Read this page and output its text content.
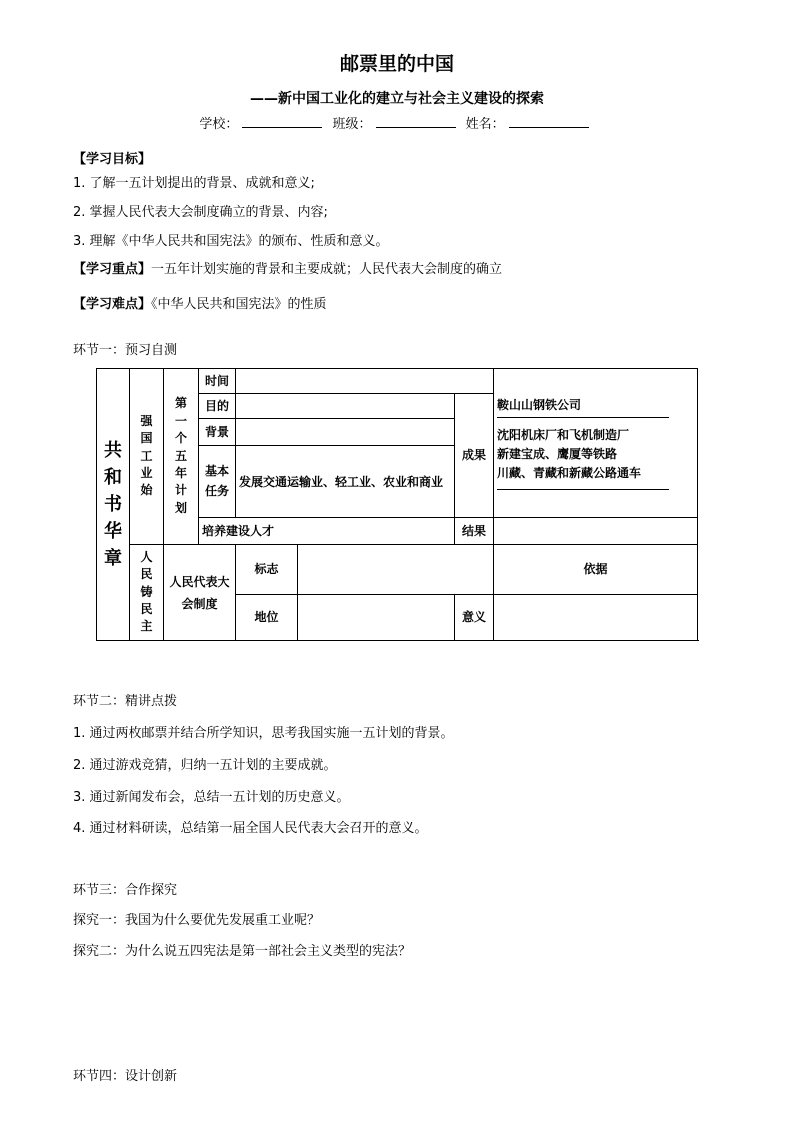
邮票里的中国
——新中国工业化的建立与社会主义建设的探索
学校：	班级：	姓名：
【学习目标】
1. 了解一五计划提出的背景、成就和意义;
2. 掌握人民代表大会制度确立的背景、内容;
3. 理解《中华人民共和国宪法》的颁布、性质和意义。
【学习重点】一五年计划实施的背景和主要成就；人民代表大会制度的确立
【学习难点】《中华人民共和国宪法》的性质
环节一：预习自测
共和书华章	强国工业始	第一个五年计划	时间				鞍山山钢铁公司
沈阳机床厂和飞机制造厂
新建宝成、鹰厦等铁路
川藏、青藏和新藏公路通车	

			目的			成果		
			背景					
			基本任务	发展交通运输业、轻工业、农业和商业				
			培养建设人才			结果		
	人民铸民主	人民代表大会制度		标志			依据	
				地位		意义		
环节二：精讲点拨
1. 通过两枚邮票并结合所学知识，思考我国实施一五计划的背景。
2. 通过游戏竞猜，归纳一五计划的主要成就。
3. 通过新闻发布会，总结一五计划的历史意义。
4. 通过材料研读，总结第一届全国人民代表大会召开的意义。
环节三：合作探究
探究一：我国为什么要优先发展重工业呢？
探究二：为什么说五四宪法是第一部社会主义类型的宪法？
环节四：设计创新
